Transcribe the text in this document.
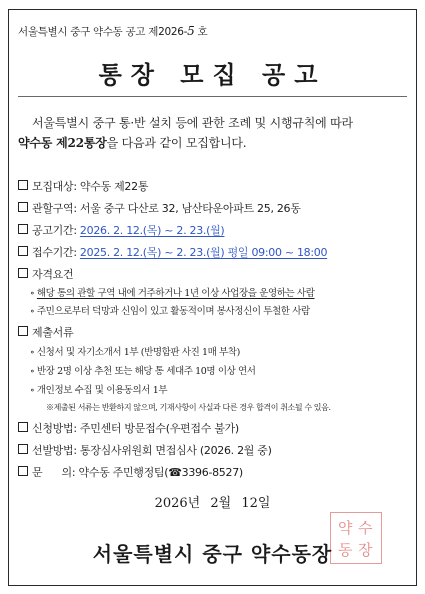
서울특별시 중구 약수동 공고 제2026-5 호
통장 모집 공고
서울특별시 중구 통·반 설치 등에 관한 조례 및 시행규칙에 따라
약수동 제22통장을 다음과 같이 모집합니다.
모집대상: 약수동 제22통
관할구역: 서울 중구 다산로 32, 남산타운아파트 25, 26동
공고기간: 2026. 2. 12.(목) ~ 2. 23.(월)
접수기간: 2025. 2. 12.(목) ~ 2. 23.(월) 평일 09:00 ~ 18:00
자격요건
∘ 해당 통의 관할 구역 내에 거주하거나 1년 이상 사업장을 운영하는 사람
∘ 주민으로부터 덕망과 신임이 있고 활동적이며 봉사정신이 투철한 사람
제출서류
∘ 신청서 및 자기소개서 1부 (반명함판 사진 1매 부착)
∘ 반장 2명 이상 추천 또는 해당 통 세대주 10명 이상 연서
∘ 개인정보 수집 및 이용동의서 1부
※제출된 서류는 반환하지 않으며, 기재사항이 사실과 다른 경우 합격이 취소될 수 있음.
신청방법: 주민센터 방문접수(우편접수 불가)
선발방법: 통장심사위원회 면접심사 (2026. 2월 중)
문      의: 약수동 주민행정팀(☎3396-8527)
2026년 2월 12일
약 수
동 장
서울특별시 중구 약수동장
